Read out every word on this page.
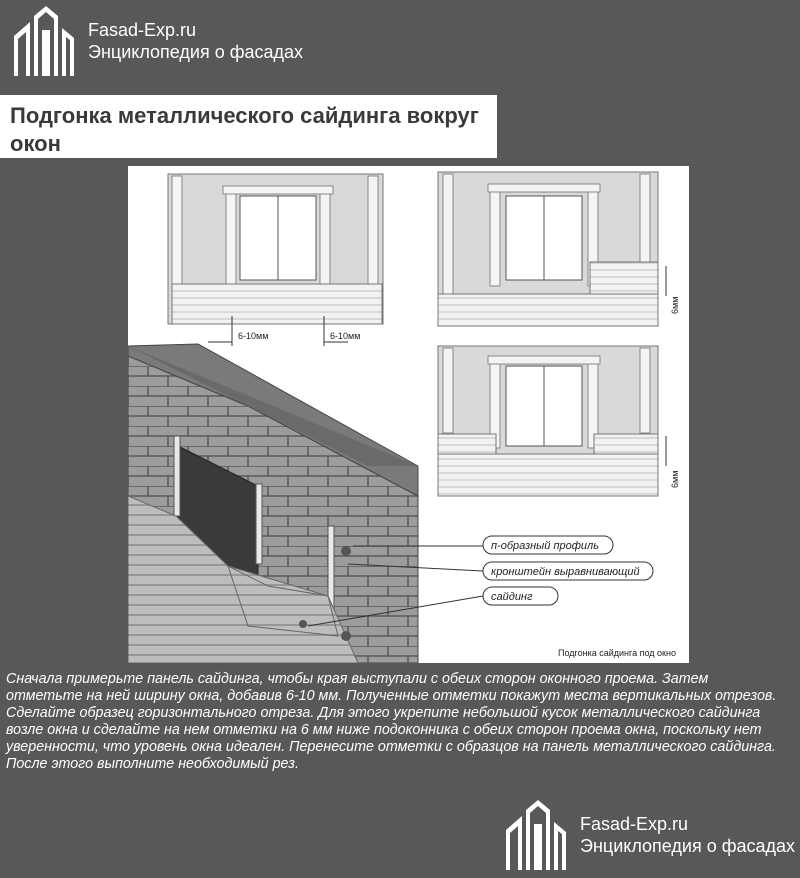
Fasad-Exp.ru
Энциклопедия о фасадах
Подгонка металлического сайдинга вокруг окон
6-10мм	6-10мм
6мм
6мм
п-образный профиль
кронштейн выравнивающий
сайдинг
Подгонка сайдинга под окно
Сначала примерьте панель сайдинга, чтобы края выступали с обеих сторон оконного проема. Затем отметьте на ней ширину окна, добавив 6-10 мм. Полученные отметки покажут места вертикальных отрезов. Сделайте образец горизонтального отреза. Для этого укрепите небольшой кусок металлического сайдинга возле окна и сделайте на нем отметки на 6 мм ниже подоконника с обеих сторон проема окна, поскольку нет уверенности, что уровень окна идеален. Перенесите отметки с образцов на панель металлического сайдинга. После этого выполните необходимый рез.
Fasad-Exp.ru
Энциклопедия о фасадах
